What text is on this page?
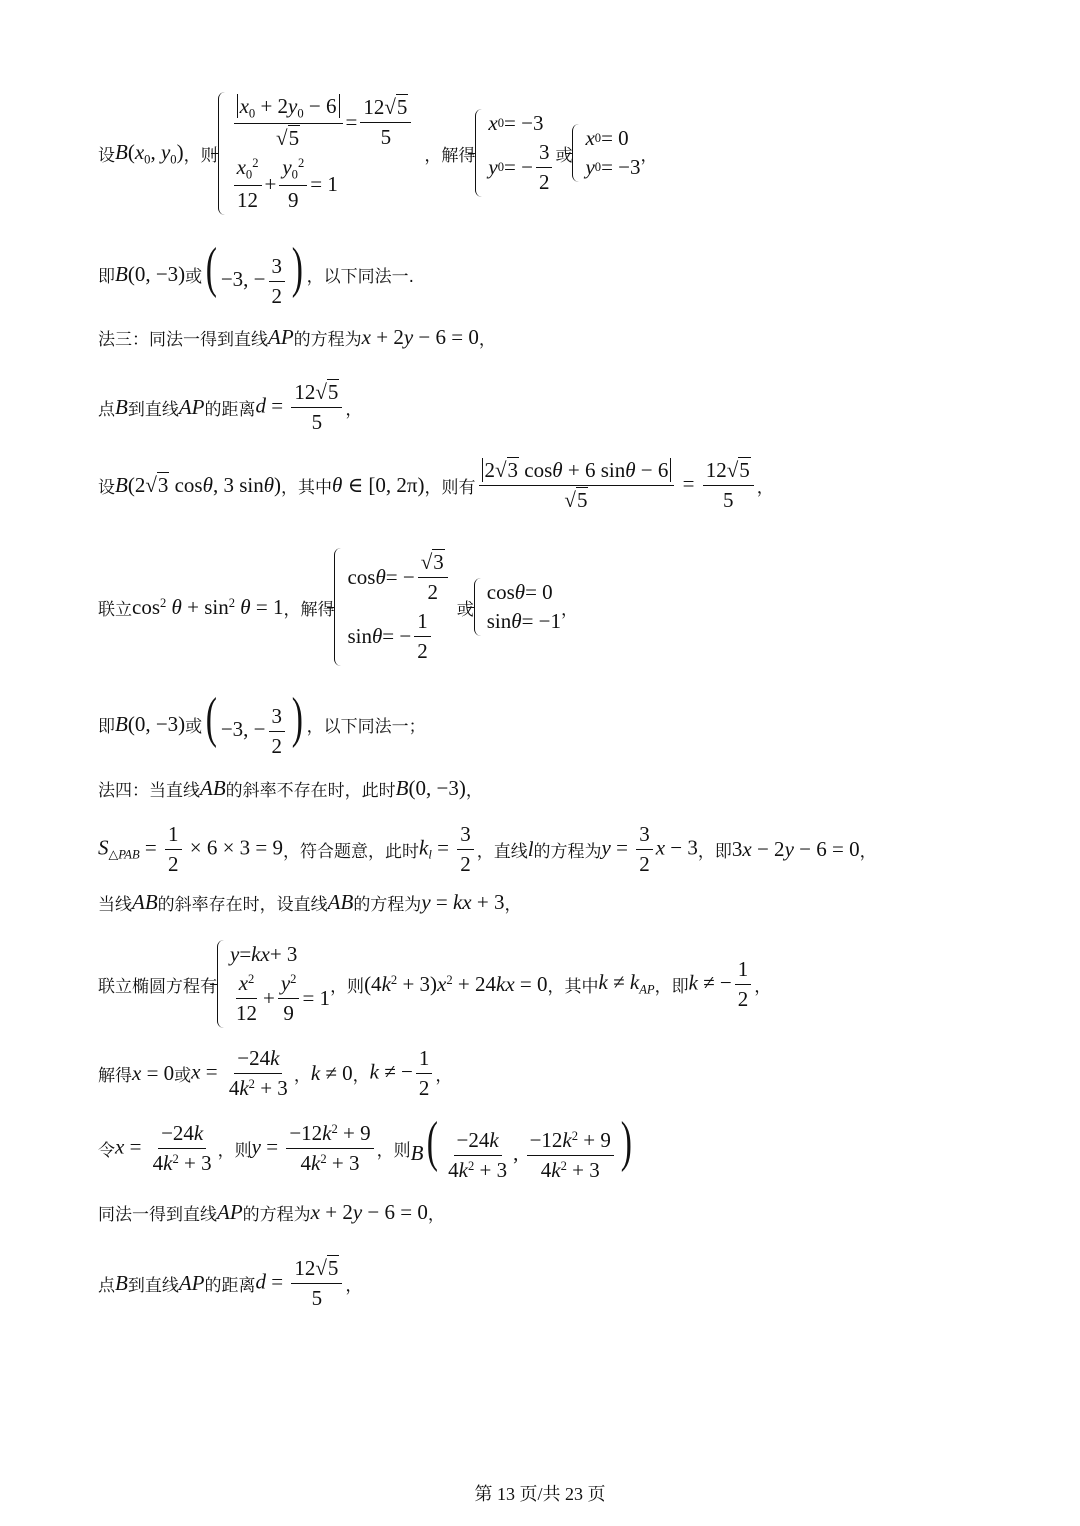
设 $B(x_0$, $y_0$) ，则
$\frac{x_0 + 2y_0 - 6}{√5} = \frac{12√5}{5}$
$\frac{x_0^2}{12} + \frac{y_0^2}{9} = 1$
，解得
x 0 = −3
y 0 = − $\frac{3}{2}$ 或
x 0 = 0
y 0 = −3 ，
即 B(0, −3) 或 ( −3, − $\frac{3}{2}$ ) ，以下同法一.
法三：同法一得到直线 AP 的方程为 x + 2y − 6 = 0 ，
点 B 到直线 AP 的距离 $d = \frac{12√5}{5}$ ，
设 B(2√3 cosθ, 3 sinθ) ，其中 θ ∈ [0, 2π) ，则有 $\frac{2√3 \cos\theta + 6 \sin\theta - 6}{√5} = \frac{12√5}{5}$ ，
联立 $\cos^2 \theta + \sin^2 \theta = 1$ ，解得
cos θ = − $\frac{√3}{2}$
sin θ = − $\frac{1}{2}$ 或
cos θ = 0
sin θ = −1 ，
即 B(0, −3) 或 ( −3, − $\frac{3}{2}$ ) ，以下同法一；
法四：当直线 AB 的斜率不存在时，此时 B(0, −3) ，
$S_{\triangle PAB} = \frac{1}{2} \times 6 \times 3 = 9$ ，符合题意，此时 $k_l = \frac{3}{2}$ ，直线 l 的方程为 $y = \frac{3}{2}$ x − 3 ，即 3x − 2y − 6 = 0 ，
当线 AB 的斜率存在时，设直线 AB 的方程为 y = kx + 3 ，
联立椭圆方程有
y = kx + 3
$\frac{x^2}{12} + \frac{y^2}{9} = 1$ ，则 $(4k^2 + 3)x^2 + 24kx = 0$ ，其中 $k \ne k_{AP}$ ，即 k ≠ − $\frac{1}{2}$ ，
解得 x = 0 或 $x = \frac{-24k}{4k^2 + 3}$ ， k ≠ 0 ， k ≠ − $\frac{1}{2}$ ，
令 $x = \frac{-24k}{4k^2 + 3}$ ，则 $y = \frac{-12k^2 + 9}{4k^2 + 3}$ ，则 $B( \frac{-24k}{4k^2 + 3}$ , $\frac{-12k^2 + 9}{4k^2 + 3}$ )
同法一得到直线 AP 的方程为 x + 2y − 6 = 0 ，
点 B 到直线 AP 的距离 $d = \frac{12√5}{5}$ ，
第 13 页/共 23 页
